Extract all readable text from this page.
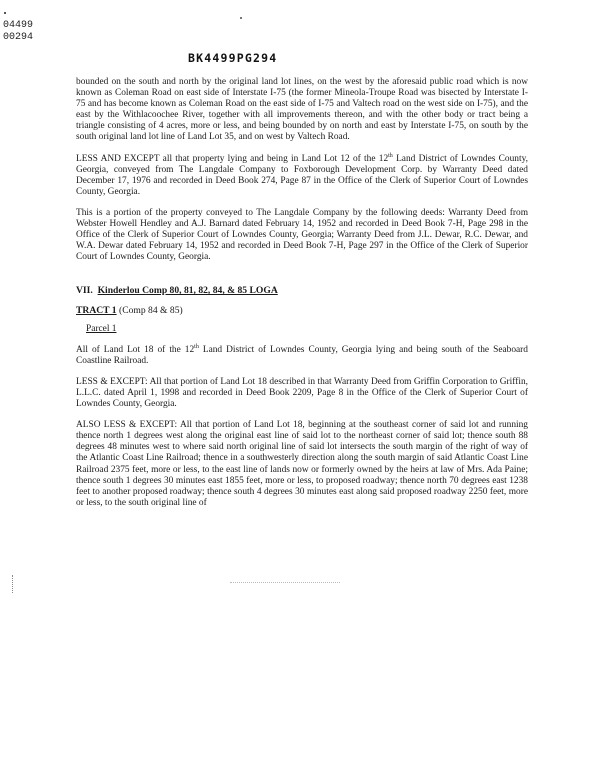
04499
00294
BK4499PG294

bounded on the south and north by the original land lot lines, on the west by the aforesaid public road which is now known as Coleman Road on east side of Interstate I-75 (the former Mineola-Troupe Road was bisected by Interstate I-75 and has become known as Coleman Road on the east side of I-75 and Valtech road on the west side on I-75), and the east by the Withlacoochee River, together with all improvements thereon, and with the other body or tract being a triangle consisting of 4 acres, more or less, and being bounded by on north and east by Interstate I-75, on south by the south original land lot line of Land Lot 35, and on west by Valtech Road.

LESS AND EXCEPT all that property lying and being in Land Lot 12 of the 12th Land District of Lowndes County, Georgia, conveyed from The Langdale Company to Foxborough Development Corp. by Warranty Deed dated December 17, 1976 and recorded in Deed Book 274, Page 87 in the Office of the Clerk of Superior Court of Lowndes County, Georgia.

This is a portion of the property conveyed to The Langdale Company by the following deeds: Warranty Deed from Webster Howell Hendley and A.J. Barnard dated February 14, 1952 and recorded in Deed Book 7-H, Page 298 in the Office of the Clerk of Superior Court of Lowndes County, Georgia; Warranty Deed from J.L. Dewar, R.C. Dewar, and W.A. Dewar dated February 14, 1952 and recorded in Deed Book 7-H, Page 297 in the Office of the Clerk of Superior Court of Lowndes County, Georgia.

VII. Kinderlou Comp 80, 81, 82, 84, & 85 LOGA
TRACT 1 (Comp 84 & 85)
Parcel 1

All of Land Lot 18 of the 12th Land District of Lowndes County, Georgia lying and being south of the Seaboard Coastline Railroad.

LESS & EXCEPT: All that portion of Land Lot 18 described in that Warranty Deed from Griffin Corporation to Griffin, L.L.C. dated April 1, 1998 and recorded in Deed Book 2209, Page 8 in the Office of the Clerk of Superior Court of Lowndes County, Georgia.

ALSO LESS & EXCEPT: All that portion of Land Lot 18, beginning at the southeast corner of said lot and running thence north 1 degrees west along the original east line of said lot to the northeast corner of said lot; thence south 88 degrees 48 minutes west to where said north original line of said lot intersects the south margin of the right of way of the Atlantic Coast Line Railroad; thence in a southwesterly direction along the south margin of said Atlantic Coast Line Railroad 2375 feet, more or less, to the east line of lands now or formerly owned by the heirs at law of Mrs. Ada Paine; thence south 1 degrees 30 minutes east 1855 feet, more or less, to proposed roadway; thence north 70 degrees east 1238 feet to another proposed roadway; thence south 4 degrees 30 minutes east along said proposed roadway 2250 feet, more or less, to the south original line of
